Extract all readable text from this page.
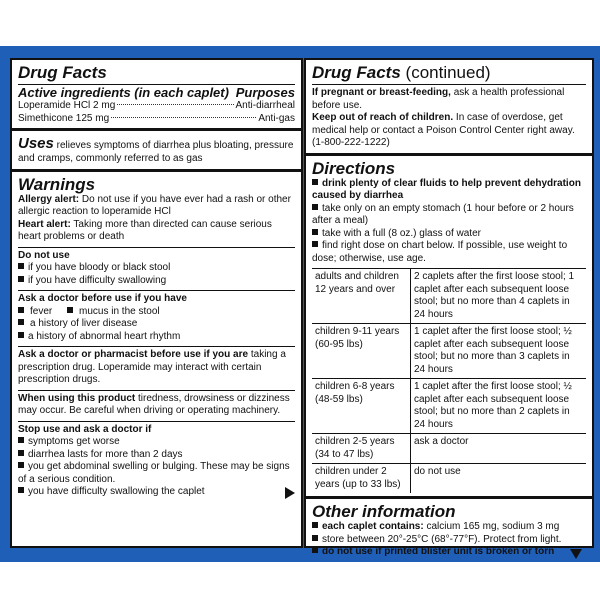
Drug Facts
Active ingredients (in each caplet) Purposes
Loperamide HCl 2 mg	Anti-diarrheal
Simethicone 125 mg	Anti-gas
Uses relieves symptoms of diarrhea plus bloating, pressure and cramps, commonly referred to as gas
Warnings
Allergy alert: Do not use if you have ever had a rash or other allergic reaction to loperamide HCl
Heart alert: Taking more than directed can cause serious heart problems or death
Do not use
if you have bloody or black stool
if you have difficulty swallowing
Ask a doctor before use if you have
fever	mucus in the stool a history of liver disease
a history of abnormal heart rhythm
Ask a doctor or pharmacist before use if you are taking a prescription drug. Loperamide may interact with certain prescription drugs.
When using this product tiredness, drowsiness or dizziness may occur. Be careful when driving or operating machinery.
Stop use and ask a doctor if
symptoms get worse
diarrhea lasts for more than 2 days
you get abdominal swelling or bulging. These may be signs of a serious condition.
you have difficulty swallowing the caplet
Drug Facts (continued)
If pregnant or breast-feeding, ask a health professional before use.
Keep out of reach of children. In case of overdose, get medical help or contact a Poison Control Center right away. (1-800-222-1222)
Directions
drink plenty of clear fluids to help prevent dehydration caused by diarrhea
take only on an empty stomach (1 hour before or 2 hours after a meal)
take with a full (8 oz.) glass of water
find right dose on chart below. If possible, use weight to dose; otherwise, use age.
adults and children 12 years and over	2 caplets after the first loose stool; 1 caplet after each subsequent loose stool; but no more than 4 caplets in 24 hours
children 9-11 years (60-95 lbs)	1 caplet after the first loose stool; ½ caplet after each subsequent loose stool; but no more than 3 caplets in 24 hours
children 6-8 years (48-59 lbs)	1 caplet after the first loose stool; ½ caplet after each subsequent loose stool; but no more than 2 caplets in 24 hours
children 2-5 years (34 to 47 lbs)	ask a doctor
children under 2 years (up to 33 lbs)	do not use
Other information
each caplet contains: calcium 165 mg, sodium 3 mg
store between 20°-25°C (68°-77°F). Protect from light.
do not use if printed blister unit is broken or torn
